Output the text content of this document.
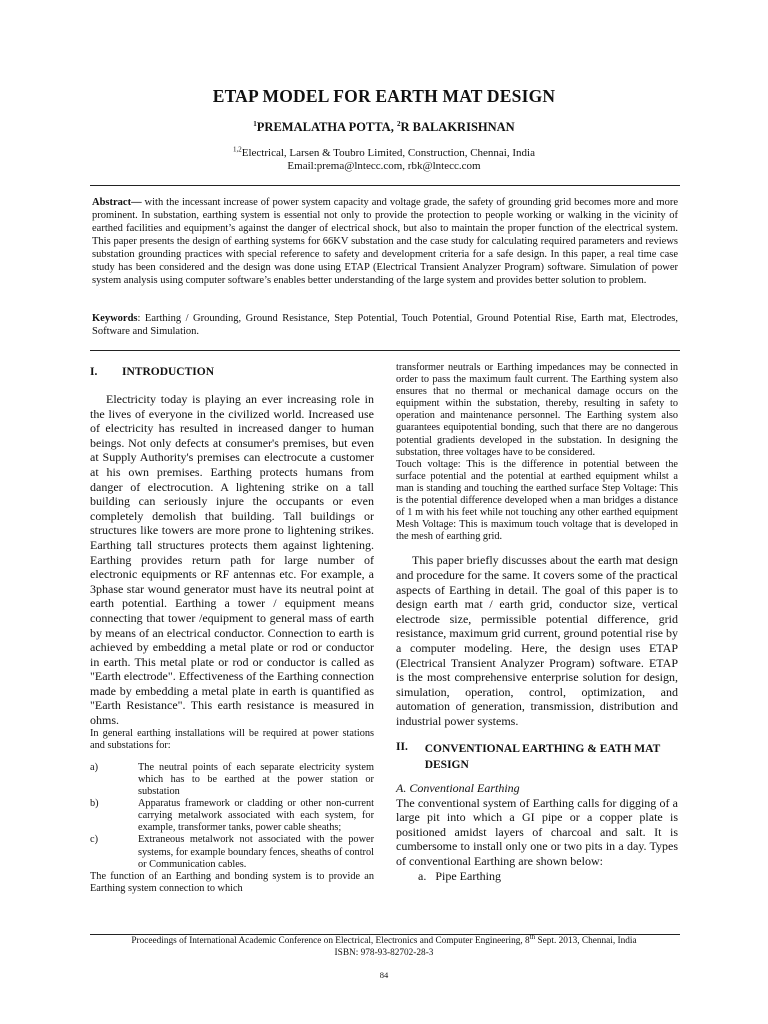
ETAP MODEL FOR EARTH MAT DESIGN
$^1$PREMALATHA POTTA, $^2$R BALAKRISHNAN
$^{1,2}$Electrical, Larsen & Toubro Limited, Construction, Chennai, India
Email:prema@lntecc.com, rbk@lntecc.com
Abstract— with the incessant increase of power system capacity and voltage grade, the safety of grounding grid becomes more and more prominent. In substation, earthing system is essential not only to provide the protection to people working or walking in the vicinity of earthed facilities and equipment’s against the danger of electrical shock, but also to maintain the proper function of the electrical system. This paper presents the design of earthing systems for 66KV substation and the case study for calculating required parameters and reviews substation grounding practices with special reference to safety and development criteria for a safe design. In this paper, a real time case study has been considered and the design was done using ETAP (Electrical Transient Analyzer Program) software. Simulation of power system analysis using computer software’s enables better understanding of the large system and provides better solution to problem.
Keywords: Earthing / Grounding, Ground Resistance, Step Potential, Touch Potential, Ground Potential Rise, Earth mat, Electrodes, Software and Simulation.
I.	INTRODUCTION

Electricity today is playing an ever increasing role in the lives of everyone in the civilized world. Increased use of electricity has resulted in increased danger to human beings. Not only defects at consumer's premises, but even at Supply Authority's premises can electrocute a customer at his own premises. Earthing protects humans from danger of electrocution. A lightening strike on a tall building can seriously injure the occupants or even completely demolish that building. Tall buildings or structures like towers are more prone to lightening strikes. Earthing tall structures protects them against lightening. Earthing provides return path for large number of electronic equipments or RF antennas etc. For example, a 3phase star wound generator must have its neutral point at earth potential. Earthing a tower / equipment means connecting that tower /equipment to general mass of earth by means of an electrical conductor. Connection to earth is achieved by embedding a metal plate or rod or conductor in earth. This metal plate or rod or conductor is called as "Earth electrode". Effectiveness of the Earthing connection made by embedding a metal plate in earth is quantified as "Earth Resistance". This earth resistance is measured in ohms.

In general earthing installations will be required at power stations and substations for:

a)	The neutral points of each separate electricity system which has to be earthed at the power station or substation
b)	Apparatus framework or cladding or other non-current carrying metalwork associated with each system, for example, transformer tanks, power cable sheaths;
c)	Extraneous metalwork not associated with the power systems, for example boundary fences, sheaths of control or Communication cables.

The function of an Earthing and bonding system is to provide an Earthing system connection to which

transformer neutrals or Earthing impedances may be connected in order to pass the maximum fault current. The Earthing system also ensures that no thermal or mechanical damage occurs on the equipment within the substation, thereby, resulting in safety to operation and maintenance personnel. The Earthing system also guarantees equipotential bonding, such that there are no dangerous potential gradients developed in the substation. In designing the substation, three voltages have to be considered.

Touch voltage: This is the difference in potential between the surface potential and the potential at earthed equipment whilst a man is standing and touching the earthed surface Step Voltage: This is the potential difference developed when a man bridges a distance of 1 m with his feet while not touching any other earthed equipment Mesh Voltage: This is maximum touch voltage that is developed in the mesh of earthing grid.

This paper briefly discusses about the earth mat design and procedure for the same. It covers some of the practical aspects of Earthing in detail. The goal of this paper is to design earth mat / earth grid, conductor size, vertical electrode size, permissible potential difference, grid resistance, maximum grid current, ground potential rise by a computer modeling. Here, the design uses ETAP (Electrical Transient Analyzer Program) software. ETAP is the most comprehensive enterprise solution for design, simulation, operation, control, optimization, and automation of generation, transmission, distribution and industrial power systems.

II.	CONVENTIONAL EARTHING & EATH MAT DESIGN
A. Conventional Earthing

The conventional system of Earthing calls for digging of a large pit into which a GI pipe or a copper plate is positioned amidst layers of charcoal and salt. It is cumbersome to install only one or two pits in a day. Types of conventional Earthing are shown below:

a. Pipe Earthing
Proceedings of International Academic Conference on Electrical, Electronics and Computer Engineering, 8th Sept. 2013, Chennai, India
ISBN: 978-93-82702-28-3
84
